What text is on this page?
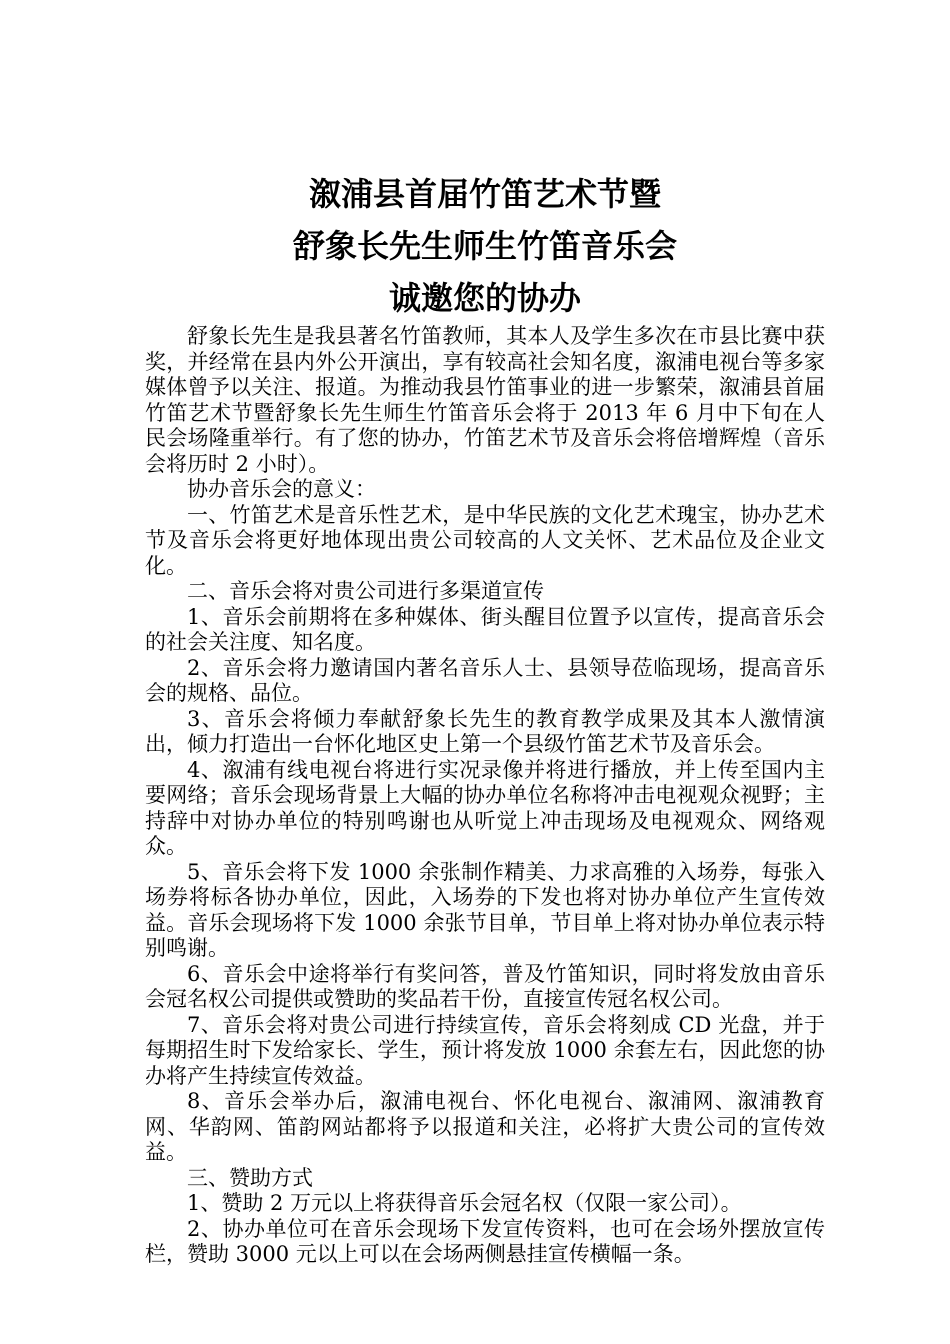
溆浦县首届竹笛艺术节暨

舒象长先生师生竹笛音乐会

诚邀您的协办

舒象长先生是我县著名竹笛教师，其本人及学生多次在市县比赛中获奖，并经常在县内外公开演出，享有较高社会知名度，溆浦电视台等多家媒体曾予以关注、报道。为推动我县竹笛事业的进一步繁荣，溆浦县首届竹笛艺术节暨舒象长先生师生竹笛音乐会将于 2013 年 6 月中下旬在人民会场隆重举行。有了您的协办，竹笛艺术节及音乐会将倍增辉煌（音乐会将历时 2 小时）。

协办音乐会的意义：

一、竹笛艺术是音乐性艺术，是中华民族的文化艺术瑰宝，协办艺术节及音乐会将更好地体现出贵公司较高的人文关怀、艺术品位及企业文化。

二、音乐会将对贵公司进行多渠道宣传

1、音乐会前期将在多种媒体、街头醒目位置予以宣传，提高音乐会的社会关注度、知名度。

2、音乐会将力邀请国内著名音乐人士、县领导莅临现场，提高音乐会的规格、品位。

3、音乐会将倾力奉献舒象长先生的教育教学成果及其本人激情演出，倾力打造出一台怀化地区史上第一个县级竹笛艺术节及音乐会。

4、溆浦有线电视台将进行实况录像并将进行播放，并上传至国内主要网络；音乐会现场背景上大幅的协办单位名称将冲击电视观众视野；主持辞中对协办单位的特别鸣谢也从听觉上冲击现场及电视观众、网络观众。

5、音乐会将下发 1000 余张制作精美、力求高雅的入场券，每张入场券将标各协办单位，因此，入场券的下发也将对协办单位产生宣传效益。音乐会现场将下发 1000 余张节目单，节目单上将对协办单位表示特别鸣谢。

6、音乐会中途将举行有奖问答，普及竹笛知识，同时将发放由音乐会冠名权公司提供或赞助的奖品若干份，直接宣传冠名权公司。

7、音乐会将对贵公司进行持续宣传，音乐会将刻成 CD 光盘，并于每期招生时下发给家长、学生，预计将发放 1000 余套左右，因此您的协办将产生持续宣传效益。

8、音乐会举办后，溆浦电视台、怀化电视台、溆浦网、溆浦教育网、华韵网、笛韵网站都将予以报道和关注，必将扩大贵公司的宣传效益。

三、赞助方式

1、赞助 2 万元以上将获得音乐会冠名权（仅限一家公司）。

2、协办单位可在音乐会现场下发宣传资料，也可在会场外摆放宣传栏，赞助 3000 元以上可以在会场两侧悬挂宣传横幅一条。
